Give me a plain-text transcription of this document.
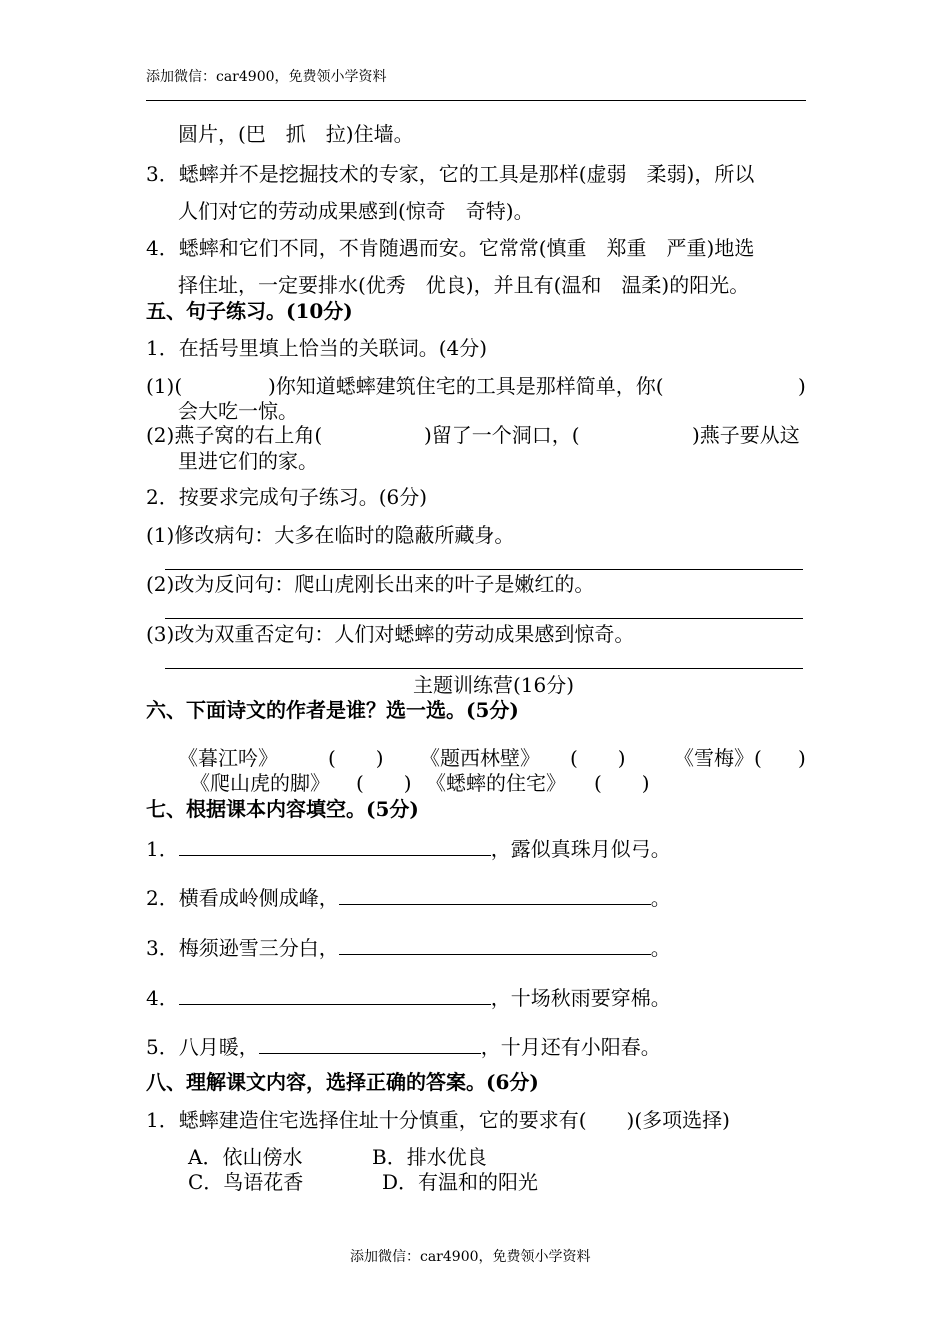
添加微信：car4900，免费领小学资料
圆片，(巴　抓　拉)住墙。
3．蟋蟀并不是挖掘技术的专家，它的工具是那样(虚弱　柔弱)，所以
人们对它的劳动成果感到(惊奇　奇特)。
4．蟋蟀和它们不同，不肯随遇而安。它常常(慎重　郑重　严重)地选
择住址，一定要排水(优秀　优良)，并且有(温和　温柔)的阳光。
五、句子练习。(10分)
1．在括号里填上恰当的关联词。(4分)
(1)(	)你知道蟋蟀建筑住宅的工具是那样简单，你(	)
会大吃一惊。
(2)燕子窝的右上角(	)留了一个洞口，(	)燕子要从这
里进它们的家。
2．按要求完成句子练习。(6分)
(1)修改病句：大多在临时的隐蔽所藏身。
(2)改为反问句：爬山虎刚长出来的叶子是嫩红的。
(3)改为双重否定句：人们对蟋蟀的劳动成果感到惊奇。
主题训练营(16分)
六、下面诗文的作者是谁？选一选。(5分)
《暮江吟》	(　　) 《题西林壁》 (　　) 《雪梅》( )
《爬山虎的脚》 (　　) 《蟋蟀的住宅》 (　　)
七、根据课本内容填空。(5分)
1．	，露似真珠月似弓。
2．横看成岭侧成峰，	。
3．梅须逊雪三分白，	。
4．	，十场秋雨要穿棉。
5．八月暖，	，十月还有小阳春。
八、理解课文内容，选择正确的答案。(6分)
1．蟋蟀建造住宅选择住址十分慎重，它的要求有(　　)(多项选择)
A．依山傍水	B．排水优良
C．鸟语花香	D．有温和的阳光
添加微信：car4900，免费领小学资料
